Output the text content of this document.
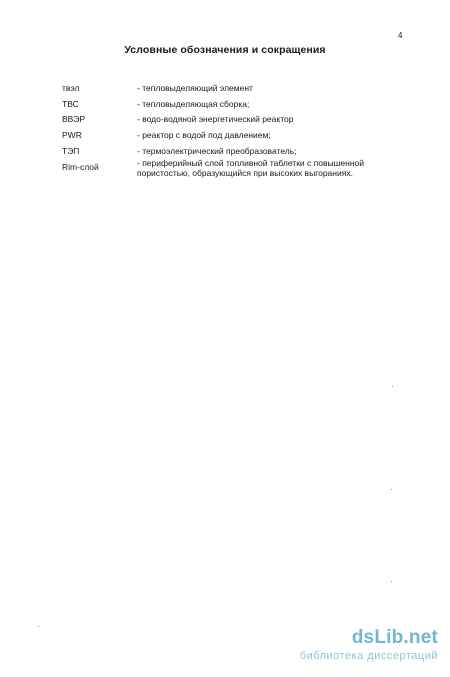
4
Условные обозначения и сокращения
твэл	- тепловыделяющий элемент
ТВС	- тепловыделяющая сборка;
ВВЭР	- водо-водяной энергетический реактор
PWR	- реактор с водой под давлением;
ТЭП	- термоэлектрический преобразователь;
Rim-слой	- периферийный слой топливной таблетки с повышенной пористостью, образующийся при высоких выгораниях.
dsLib.net
библиотека диссертаций
